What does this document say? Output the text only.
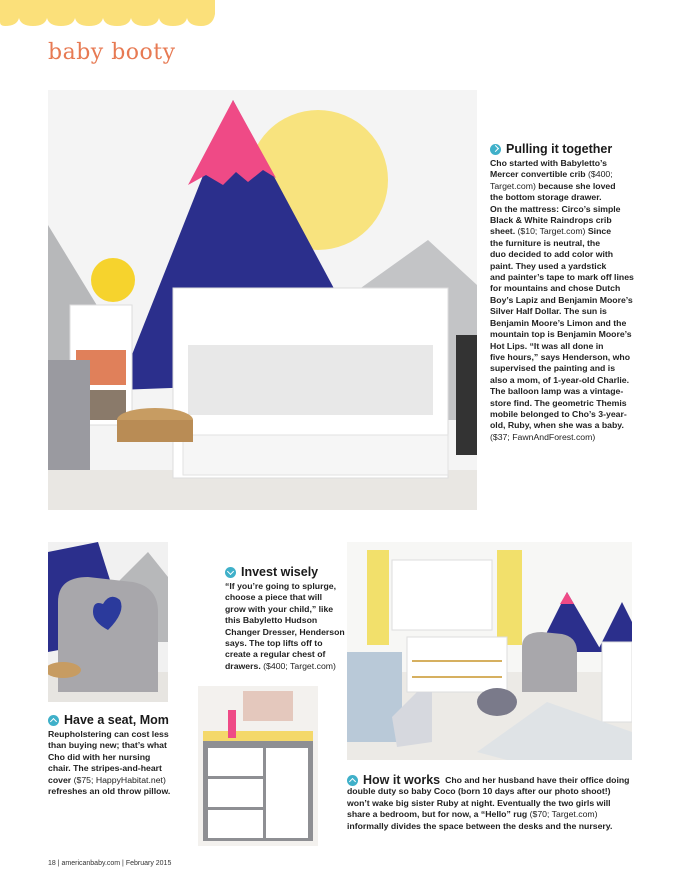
baby booty
Pulling it together
Cho started with Babyletto’s
Mercer convertible crib ($400;
Target.com) because she loved
the bottom storage drawer.
On the mattress: Circo’s simple
Black & White Raindrops crib
sheet. ($10; Target.com) Since
the furniture is neutral, the
duo decided to add color with
paint. They used a yardstick
and painter’s tape to mark off lines
for mountains and chose Dutch
Boy’s Lapiz and Benjamin Moore’s
Silver Half Dollar. The sun is
Benjamin Moore’s Limon and the
mountain top is Benjamin Moore’s
Hot Lips. “It was all done in
five hours,” says Henderson, who
supervised the painting and is
also a mom, of 1-year-old Charlie.
The balloon lamp was a vintage-
store find. The geometric Themis
mobile belonged to Cho’s 3-year-
old, Ruby, when she was a baby.
($37; FawnAndForest.com)
Invest wisely
“If you’re going to splurge,
choose a piece that will
grow with your child,” like
this Babyletto Hudson
Changer Dresser, Henderson
says. The top lifts off to
create a regular chest of
drawers. ($400; Target.com)
Have a seat, Mom
Reupholstering can cost less
than buying new; that’s what
Cho did with her nursing
chair. The stripes-and-heart
cover ($75; HappyHabitat.net)
refreshes an old throw pillow.
How it works Cho and her husband have their office doing
double duty so baby Coco (born 10 days after our photo shoot!)
won’t wake big sister Ruby at night. Eventually the two girls will
share a bedroom, but for now, a “Hello” rug ($70; Target.com)
informally divides the space between the desks and the nursery.
18 | americanbaby.com | February 2015
